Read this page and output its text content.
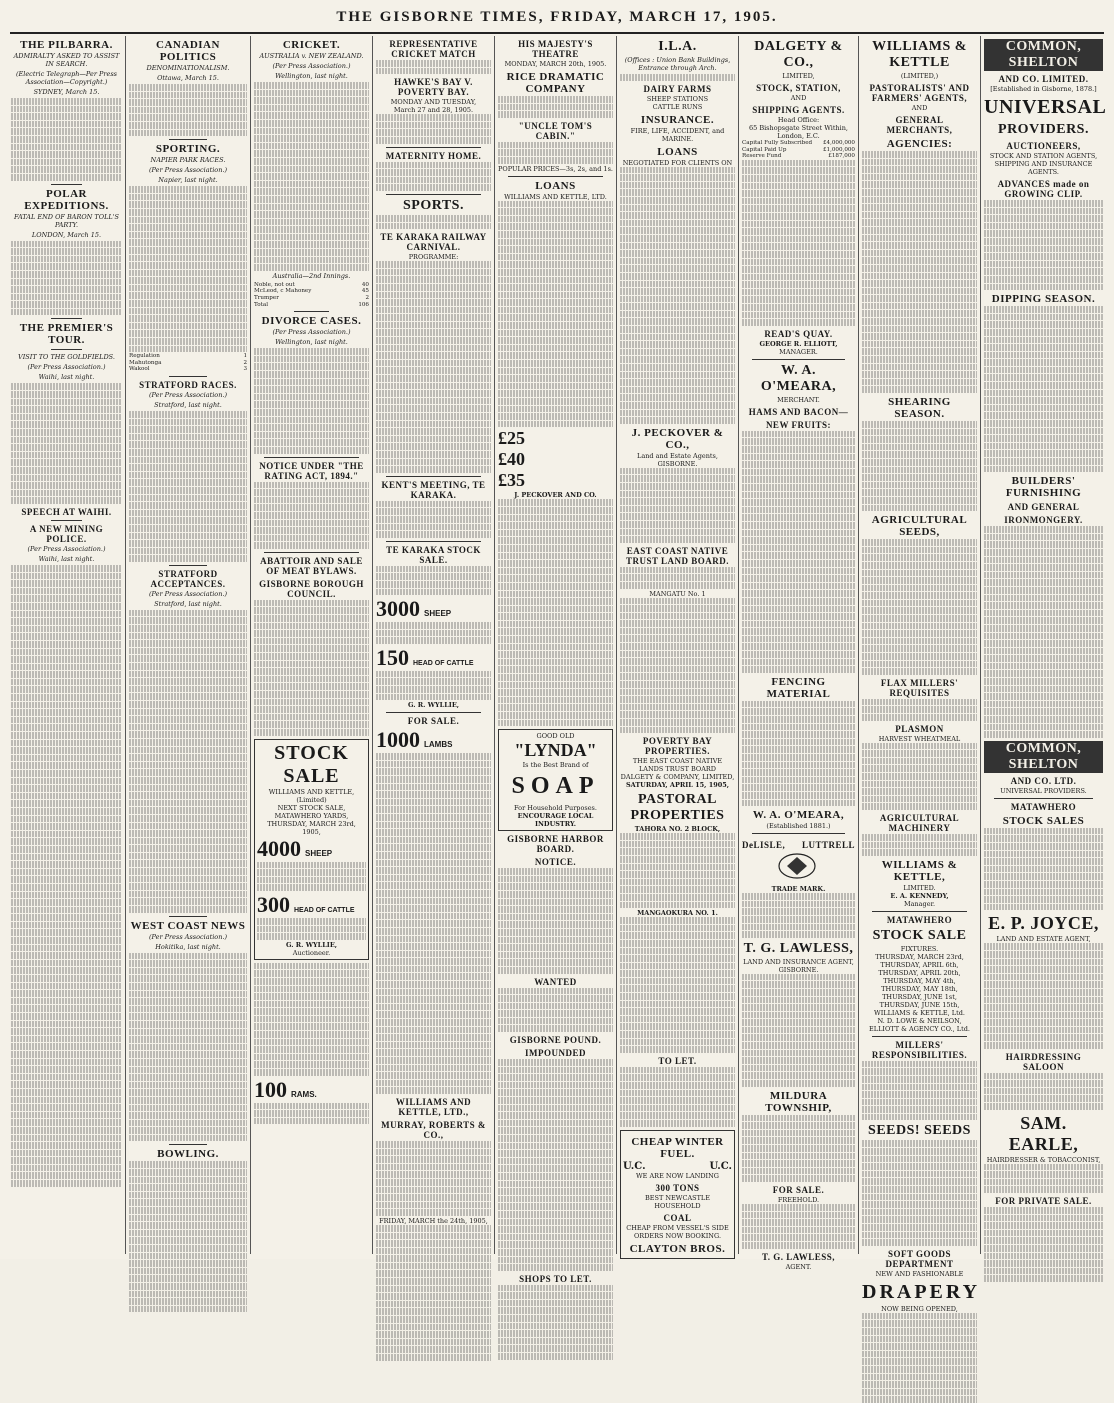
THE GISBORNE TIMES, FRIDAY, MARCH 17, 1905.
THE PILBARRA.
ADMIRALTY ASKED TO ASSIST IN SEARCH.
(Electric Telegraph—Per Press Association—Copyright.)
SYDNEY, March 15.
POLAR EXPEDITIONS.
FATAL END OF BARON TOLL'S PARTY.
LONDON, March 15.
THE PREMIER'S TOUR.
VISIT TO THE GOLDFIELDS.
(Per Press Association.)
Waihi, last night.
SPEECH AT WAIHI.
A NEW MINING POLICE.
(Per Press Association.)
Waihi, last night.
CANADIAN POLITICS
DENOMINATIONALISM.
Ottawa, March 15.
SPORTING.
NAPIER PARK RACES.
(Per Press Association.)
Napier, last night.
Regulation	1
Mahutonga	2
Wakool	3
STRATFORD RACES.
(Per Press Association.)
Stratford, last night.
STRATFORD ACCEPTANCES.
(Per Press Association.)
Stratford, last night.
WEST COAST NEWS
(Per Press Association.)
Hokitika, last night.
BOWLING.
CRICKET.
AUSTRALIA v. NEW ZEALAND.
(Per Press Association.)
Wellington, last night.
Australia—2nd Innings.
Noble, not out	40
McLeod, c Mahoney	45
Trumper	2
Total	106
DIVORCE CASES.
(Per Press Association.)
Wellington, last night.
NOTICE UNDER "THE RATING ACT, 1894."
ABATTOIR AND SALE OF MEAT BYLAWS.
GISBORNE BOROUGH COUNCIL.
STOCK SALE
WILLIAMS AND KETTLE,
(Limited)
NEXT STOCK SALE,
MATAWHERO YARDS,
THURSDAY, MARCH 23rd, 1905,
4000 SHEEP
300 HEAD OF CATTLE
G. R. WYLLIE,
Auctioneer.
100 RAMS.
REPRESENTATIVE CRICKET MATCH
HAWKE'S BAY V. POVERTY BAY.
MONDAY AND TUESDAY,
March 27 and 28, 1905.
MATERNITY HOME.
SPORTS.
TE KARAKA RAILWAY CARNIVAL.
PROGRAMME:
KENT'S MEETING, TE KARAKA.
TE KARAKA STOCK SALE.
3000 SHEEP
150 HEAD OF CATTLE
G. R. WYLLIE,
FOR SALE.
1000 LAMBS
WILLIAMS AND KETTLE, LTD.,
MURRAY, ROBERTS & CO.,
FRIDAY, MARCH the 24th, 1905,
HIS MAJESTY'S THEATRE
MONDAY, MARCH 20th, 1905.
RICE DRAMATIC COMPANY
"UNCLE TOM'S CABIN."
POPULAR PRICES—3s, 2s, and 1s.
LOANS
WILLIAMS AND KETTLE, LTD.
£25
£40
£35
J. PECKOVER AND CO.
GOOD OLD
"LYNDA"
Is the Best Brand of
SOAP
For Household Purposes.
ENCOURAGE LOCAL INDUSTRY.
GISBORNE HARBOR BOARD.
NOTICE.
WANTED
GISBORNE POUND.
IMPOUNDED
SHOPS TO LET.
I.L.A.
(Offices : Union Bank Buildings, Entrance through Arch.
DAIRY FARMS
SHEEP STATIONS
CATTLE RUNS
INSURANCE.
FIRE, LIFE, ACCIDENT, and MARINE.
LOANS
NEGOTIATED FOR CLIENTS ON
J. PECKOVER & CO.,
Land and Estate Agents,
GISBORNE.
EAST COAST NATIVE TRUST LAND BOARD.
MANGATU No. 1
POVERTY BAY PROPERTIES.
THE EAST COAST NATIVE LANDS TRUST BOARD
DALGETY & COMPANY, LIMITED,
SATURDAY, APRIL 15, 1905,
PASTORAL PROPERTIES
TAHORA NO. 2 BLOCK,
MANGAOKURA NO. 1.
TO LET.
CHEAP WINTER FUEL.
U.C.	U.C.
WE ARE NOW LANDING
300 TONS
BEST NEWCASTLE HOUSEHOLD
COAL
CHEAP FROM VESSEL'S SIDE
ORDERS NOW BOOKING.
CLAYTON BROS.
DALGETY & CO.,
LIMITED,
STOCK, STATION,
AND
SHIPPING AGENTS.
Head Office:
65 Bishopsgate Street Within, London, E.C.
Capital Fully Subscribed £4,000,000
Capital Paid Up	£1,000,000
Reserve Fund	£187,000
READ'S QUAY.
GEORGE R. ELLIOTT,
MANAGER.
W. A. O'MEARA,
MERCHANT.
HAMS AND BACON—
NEW FRUITS:
FENCING MATERIAL
W. A. O'MEARA,
(Established 1881.)
DeLISLE, LUTTRELL
TRADE MARK.
T. G. LAWLESS,
LAND AND INSURANCE AGENT,
GISBORNE.
MILDURA TOWNSHIP,
FOR SALE.
FREEHOLD.
T. G. LAWLESS,
AGENT.
WILLIAMS & KETTLE
(LIMITED,)
PASTORALISTS' AND FARMERS' AGENTS,
AND
GENERAL MERCHANTS,
AGENCIES:
SHEARING SEASON.
AGRICULTURAL SEEDS,
FLAX MILLERS' REQUISITES
PLASMON
HARVEST WHEATMEAL
AGRICULTURAL MACHINERY
WILLIAMS & KETTLE,
LIMITED.
E. A. KENNEDY,
Manager.
MATAWHERO
STOCK SALE
FIXTURES.
THURSDAY, MARCH 23rd,
THURSDAY, APRIL 6th,
THURSDAY, APRIL 20th,
THURSDAY, MAY 4th,
THURSDAY, MAY 18th,
THURSDAY, JUNE 1st,
THURSDAY, JUNE 15th,
WILLIAMS & KETTLE, Ltd.
N. D. LOWE & NEILSON, ELLIOTT & AGENCY CO., Ltd.
MILLERS' RESPONSIBILITIES.
SEEDS! SEEDS
SOFT GOODS DEPARTMENT
NEW AND FASHIONABLE
DRAPERY
NOW BEING OPENED,
COMMON, SHELTON
AND CO. LIMITED.
[Established in Gisborne, 1878.]
UNIVERSAL
PROVIDERS.
AUCTIONEERS,
STOCK AND STATION AGENTS,
SHIPPING AND INSURANCE AGENTS.
ADVANCES made on GROWING CLIP.
DIPPING SEASON.
BUILDERS' FURNISHING
AND GENERAL
IRONMONGERY.
COMMON, SHELTON
AND CO. LTD.
UNIVERSAL PROVIDERS.
MATAWHERO
STOCK SALES
E. P. JOYCE,
LAND AND ESTATE AGENT,
HAIRDRESSING SALOON
SAM. EARLE,
HAIRDRESSER & TOBACCONIST,
FOR PRIVATE SALE.
